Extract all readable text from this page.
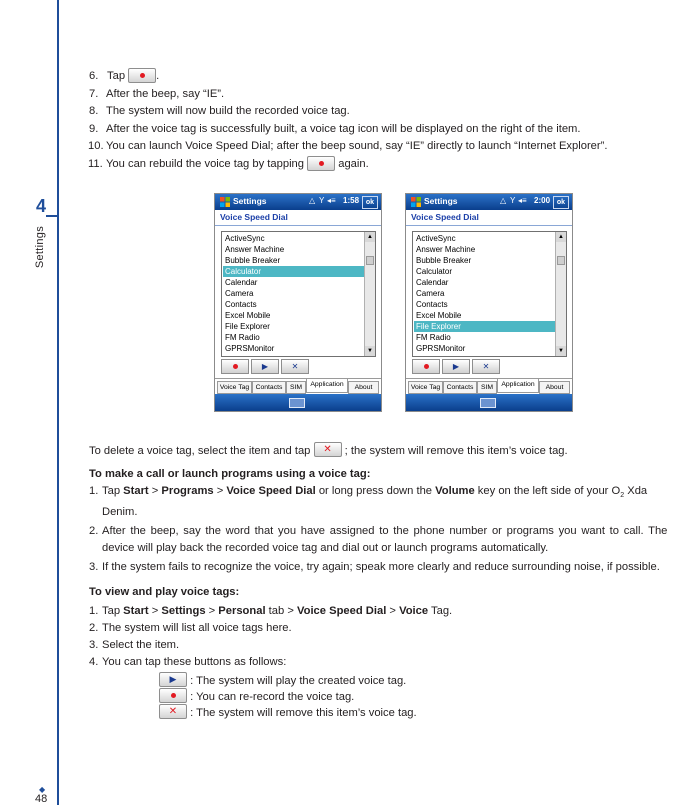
4
Settings
◆
48
6. Tap	.
7. After the beep, say “IE”.
8. The system will now build the recorded voice tag.
9. After the voice tag is successfully built, a voice tag icon will be displayed on the right of the item.
10. You can launch Voice Speed Dial; after the beep sound, say “IE” directly to launch “Internet Explorer”.
11. You can rebuild the voice tag by tapping	again.
Settings	△ Y ◂≡ 1:58 ok
Voice Speed Dial
ActiveSync
Answer Machine
Bubble Breaker
Calculator
Calendar
Camera
Contacts
Excel Mobile
File Explorer
FM Radio
GPRSMonitor
▲
▼
▶	✕
Voice Tag Contacts	SIM	Application	About
Settings	△ Y ◂≡ 2:00 ok
Voice Speed Dial
ActiveSync
Answer Machine
Bubble Breaker
Calculator
Calendar
Camera
Contacts
Excel Mobile
File Explorer
FM Radio
GPRSMonitor
▲
▼
▶	✕
Voice Tag Contacts	SIM	Application	About
To delete a voice tag, select the item and tap	✕	; the system will remove this item’s voice tag.
To make a call or launch programs using a voice tag:
1. Tap Start > Programs > Voice Speed Dial or long press down the Volume key on the left side of your $O_2$ Xda
Denim.
2. After the beep, say the word that you have assigned to the phone number or programs you want to call. The
device will play back the recorded voice tag and dial out or launch programs automatically.
3. If the system fails to recognize the voice, try again; speak more clearly and reduce surrounding noise, if possible.
To view and play voice tags:
1. Tap Start > Settings > Personal tab > Voice Speed Dial > Voice Tag.
2. The system will list all voice tags here.
3. Select the item.
4. You can tap these buttons as follows:
▶	: The system will play the created voice tag.
: You can re-record the voice tag.
✕	: The system will remove this item’s voice tag.
